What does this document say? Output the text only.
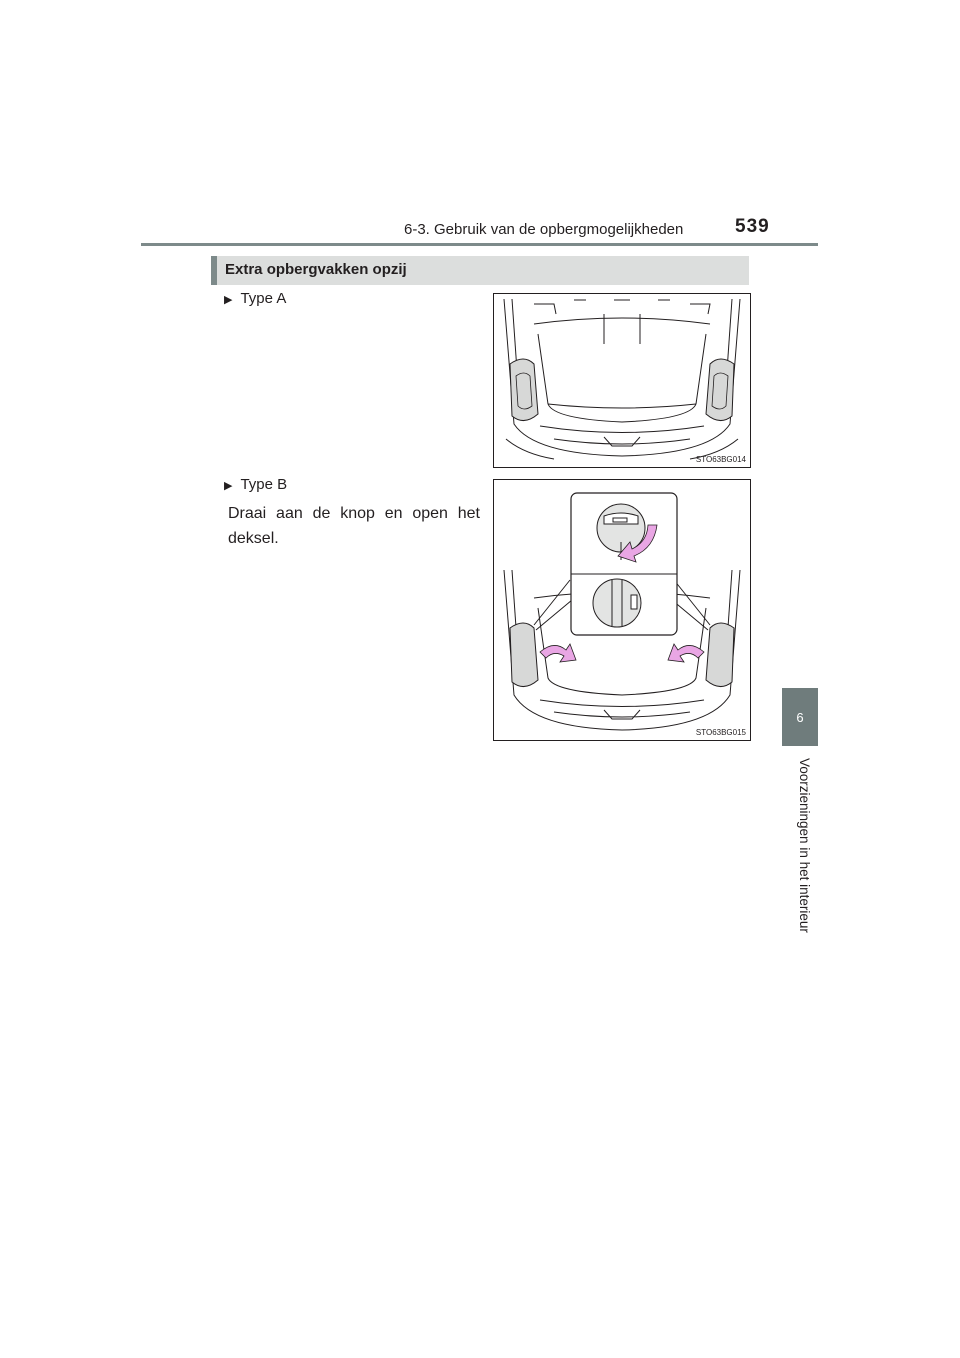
6-3. Gebruik van de opbergmogelijkheden	539
6
Voorzieningen in het interieur
Extra opbergvakken opzij
▶ Type A
STO63BG014
▶ Type B
Draai aan de knop en open het deksel.
STO63BG015
